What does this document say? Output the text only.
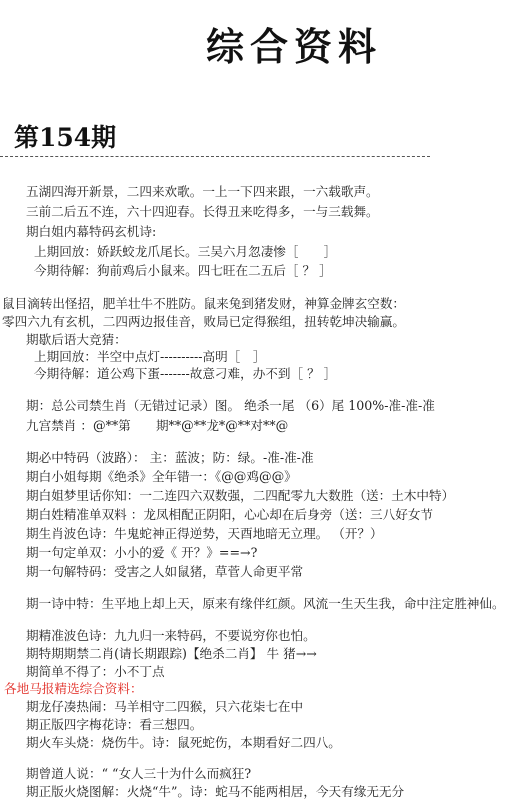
综合资料
第154期
五湖四海开新景，二四来欢歌。一上一下四来跟，一六载歌声。
三前二后五不连，六十四迎春。长得丑来吃得多，一与三载舞。
期白姐内幕特码玄机诗:
上期回放：娇跃蛟龙爪尾长。三吴六月忽凄惨［　　］
今期待解：狗前鸡后小鼠来。四七旺在二五后［ ？ ］
鼠目滴转出怪招，肥羊壮牛不胜防。鼠来兔到猪发财，神算金牌玄空数：
零四六九有玄机，二四两边报佳音，败局已定得猴组，扭转乾坤决输赢。
期歇后语大竞猜：
上期回放：半空中点灯----------高明［　］
今期待解：道公鸡下蛋-------故意刁难，办不到［ ？ ］
期：总公司禁生肖（无错过记录）图。 绝杀一尾 （6）尾 100%-准-准-准
九宫禁肖 ：@**第　　期**@**龙*@**对**@
期必中特码（波路）： 主：蓝波；防：绿。-准-准-准
期白小姐每期《绝杀》全年错一：《@@鸡@@》
期白姐梦里话你知：一二连四六双数强，二四配零九大数胜（送：土木中特）
期白姓精准单双料 ：龙凤相配正阴阳，心心却在后身旁（送：三八好女节
期生肖波色诗：牛鬼蛇神正得逆势，天酉地暗无立理。 （开？）
期一句定单双：小小的爱《 开？》==→?
期一句解特码：受害之人如鼠猪，草菅人命更平常
期一诗中特：生平地上却上天，原来有缘伴红颜。风流一生天生我，命中注定胜神仙。
期精准波色诗：九九归一来特码，不要说穷你也怕。
期特期期禁二肖(请长期跟踪)【绝杀二肖】 牛 猪→→
期简单不得了：小不丁点
各地马报精选综合资料：
期龙仔凑热闹：马羊相守二四猴，只六花柒七在中
期正版四字梅花诗：看三想四。
期火车头烧：烧伤牛。诗：鼠死蛇伤，本期看好二四八。
期曾道人说：“ “女人三十为什么而疯狂?
期正版火烧图解：火烧“牛”。诗：蛇马不能两相居，今天有缘无无分
